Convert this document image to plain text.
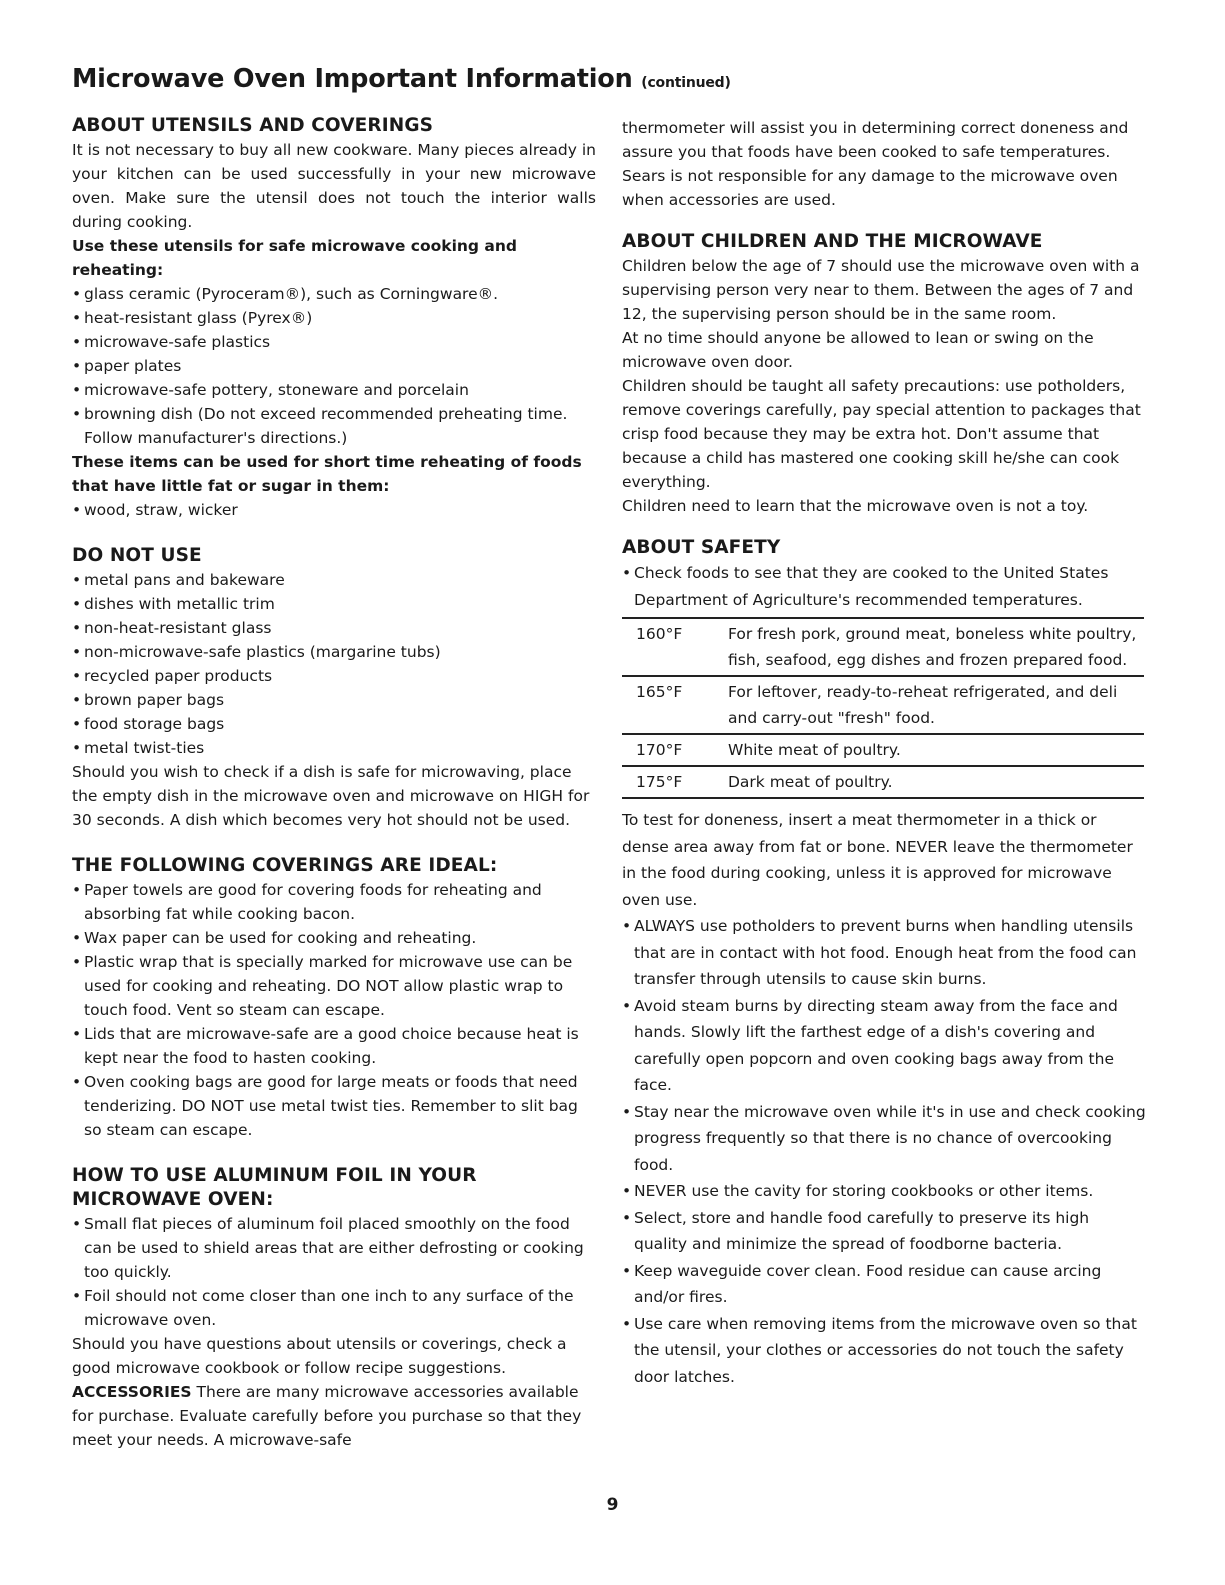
Microwave Oven Important Information (continued)
ABOUT UTENSILS AND COVERINGS

It is not necessary to buy all new cookware. Many pieces already in your kitchen can be used successfully in your new microwave oven. Make sure the utensil does not touch the interior walls during cooking.

Use these utensils for safe microwave cooking and reheating:

• glass ceramic (Pyroceram®), such as Corningware®.
• heat-resistant glass (Pyrex®)
• microwave-safe plastics
• paper plates
• microwave-safe pottery, stoneware and porcelain
• browning dish (Do not exceed recommended preheating time. Follow manufacturer's directions.)

These items can be used for short time reheating of foods that have little fat or sugar in them:

• wood, straw, wicker
DO NOT USE
• metal pans and bakeware
• dishes with metallic trim
• non-heat-resistant glass
• non-microwave-safe plastics (margarine tubs)
• recycled paper products
• brown paper bags
• food storage bags
• metal twist-ties

Should you wish to check if a dish is safe for microwaving, place the empty dish in the microwave oven and microwave on HIGH for 30 seconds. A dish which becomes very hot should not be used.

THE FOLLOWING COVERINGS ARE IDEAL:
• Paper towels are good for covering foods for reheating and absorbing fat while cooking bacon.
• Wax paper can be used for cooking and reheating.
• Plastic wrap that is specially marked for microwave use can be used for cooking and reheating. DO NOT allow plastic wrap to touch food. Vent so steam can escape.
• Lids that are microwave-safe are a good choice because heat is kept near the food to hasten cooking.
• Oven cooking bags are good for large meats or foods that need tenderizing. DO NOT use metal twist ties. Remember to slit bag so steam can escape.
HOW TO USE ALUMINUM FOIL IN YOUR MICROWAVE OVEN:
• Small flat pieces of aluminum foil placed smoothly on the food can be used to shield areas that are either defrosting or cooking too quickly.
• Foil should not come closer than one inch to any surface of the microwave oven.

Should you have questions about utensils or coverings, check a good microwave cookbook or follow recipe suggestions.

ACCESSORIES There are many microwave accessories available for purchase. Evaluate carefully before you purchase so that they meet your needs. A microwave-safe

thermometer will assist you in determining correct doneness and assure you that foods have been cooked to safe temperatures. Sears is not responsible for any damage to the microwave oven when accessories are used.

ABOUT CHILDREN AND THE MICROWAVE

Children below the age of 7 should use the microwave oven with a supervising person very near to them. Between the ages of 7 and 12, the supervising person should be in the same room.

At no time should anyone be allowed to lean or swing on the microwave oven door.

Children should be taught all safety precautions: use potholders, remove coverings carefully, pay special attention to packages that crisp food because they may be extra hot. Don't assume that because a child has mastered one cooking skill he/she can cook everything.

Children need to learn that the microwave oven is not a toy.

ABOUT SAFETY
• Check foods to see that they are cooked to the United States Department of Agriculture's recommended temperatures.
160°F	For fresh pork, ground meat, boneless white poultry, fish, seafood, egg dishes and frozen prepared food.
165°F	For leftover, ready-to-reheat refrigerated, and deli and carry-out "fresh" food.
170°F	White meat of poultry.
175°F	Dark meat of poultry.

To test for doneness, insert a meat thermometer in a thick or dense area away from fat or bone. NEVER leave the thermometer in the food during cooking, unless it is approved for microwave oven use.

• ALWAYS use potholders to prevent burns when handling utensils that are in contact with hot food. Enough heat from the food can transfer through utensils to cause skin burns.
• Avoid steam burns by directing steam away from the face and hands. Slowly lift the farthest edge of a dish's covering and carefully open popcorn and oven cooking bags away from the face.
• Stay near the microwave oven while it's in use and check cooking progress frequently so that there is no chance of overcooking food.
• NEVER use the cavity for storing cookbooks or other items.
• Select, store and handle food carefully to preserve its high quality and minimize the spread of foodborne bacteria.
• Keep waveguide cover clean. Food residue can cause arcing and/or fires.
• Use care when removing items from the microwave oven so that the utensil, your clothes or accessories do not touch the safety door latches.
9
